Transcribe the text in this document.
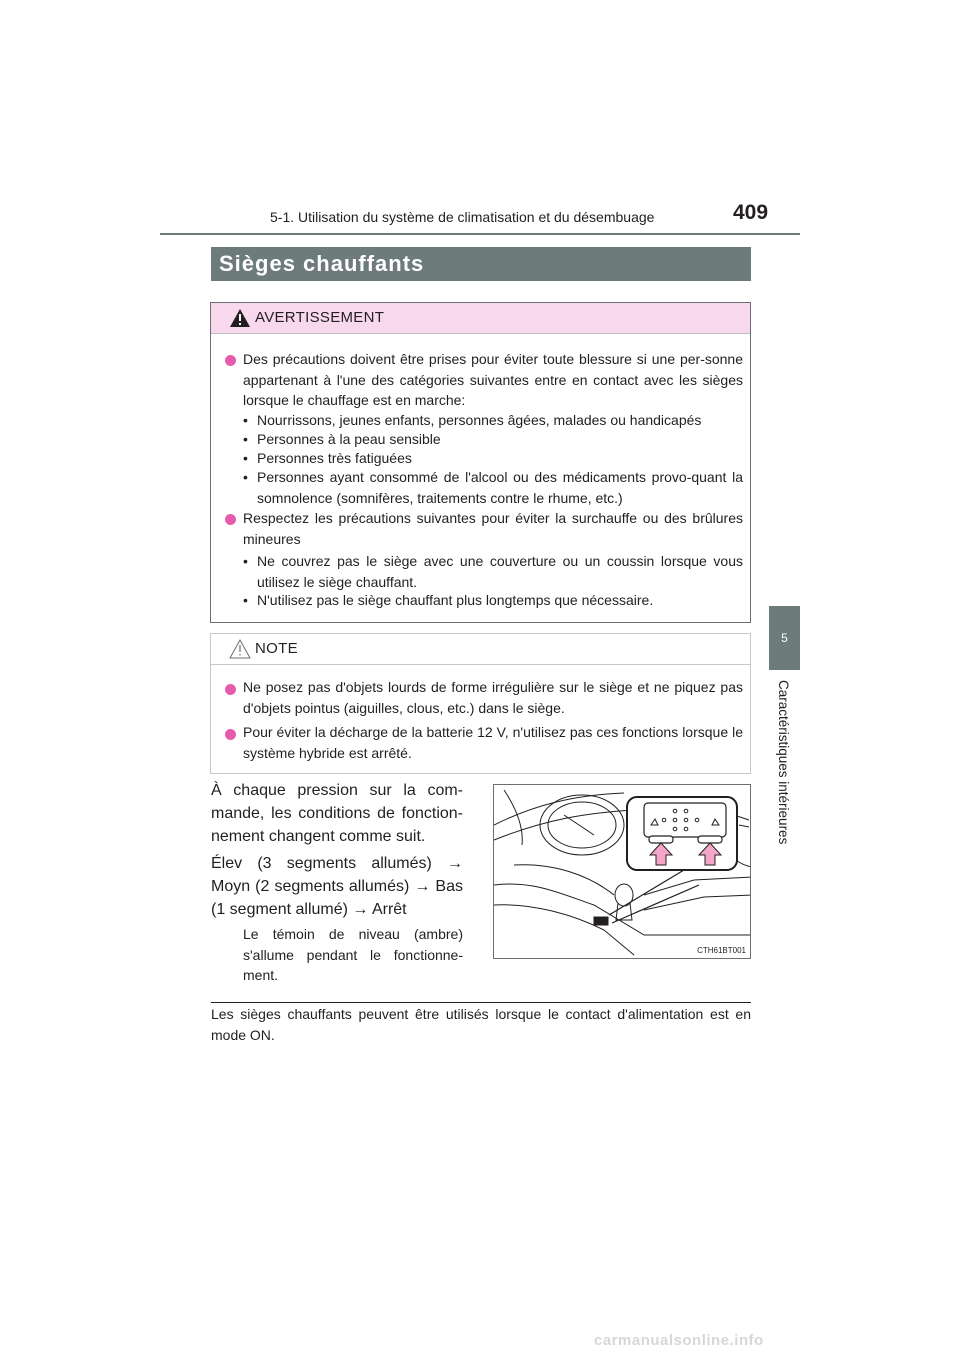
5-1. Utilisation du système de climatisation et du désembuage	409
5
Caractéristiques intérieures
Sièges chauffants
AVERTISSEMENT
Des précautions doivent être prises pour éviter toute blessure si une per-sonne appartenant à l'une des catégories suivantes entre en contact avec les sièges lorsque le chauffage est en marche:
• Nourrissons, jeunes enfants, personnes âgées, malades ou handicapés
• Personnes à la peau sensible
• Personnes très fatiguées
• Personnes ayant consommé de l'alcool ou des médicaments provo-quant la somnolence (somnifères, traitements contre le rhume, etc.)
Respectez les précautions suivantes pour éviter la surchauffe ou des brûlures mineures
• Ne couvrez pas le siège avec une couverture ou un coussin lorsque vous utilisez le siège chauffant.
• N'utilisez pas le siège chauffant plus longtemps que nécessaire.
NOTE
Ne posez pas d'objets lourds de forme irrégulière sur le siège et ne piquez pas d'objets pointus (aiguilles, clous, etc.) dans le siège.
Pour éviter la décharge de la batterie 12 V, n'utilisez pas ces fonctions lorsque le système hybride est arrêté.
À chaque pression sur la com-mande, les conditions de fonction-nement changent comme suit.
Élev (3 segments allumés) → Moyn (2 segments allumés) → Bas (1 segment allumé) → Arrêt
Le témoin de niveau (ambre) s'allume pendant le fonctionne-ment.
CTH61BT001
Les sièges chauffants peuvent être utilisés lorsque le contact d'alimentation est en mode ON.
carmanualsonline.info
